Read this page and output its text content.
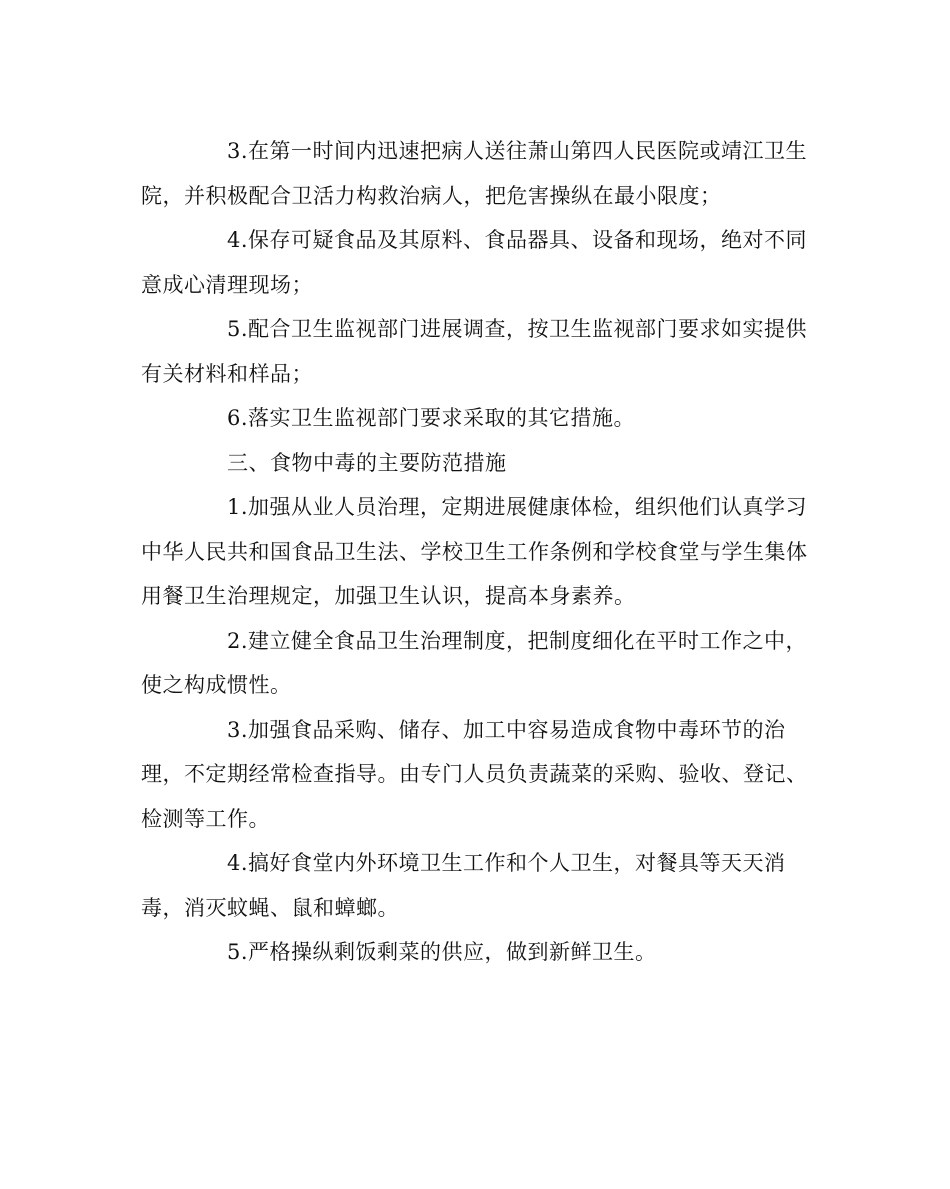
3.在第一时间内迅速把病人送往萧山第四人民医院或靖江卫生院，并积极配合卫活力构救治病人，把危害操纵在最小限度；

4.保存可疑食品及其原料、食品器具、设备和现场，绝对不同意成心清理现场；

5.配合卫生监视部门进展调查，按卫生监视部门要求如实提供有关材料和样品；

6.落实卫生监视部门要求采取的其它措施。

三、食物中毒的主要防范措施

1.加强从业人员治理，定期进展健康体检，组织他们认真学习中华人民共和国食品卫生法、学校卫生工作条例和学校食堂与学生集体用餐卫生治理规定，加强卫生认识，提高本身素养。

2.建立健全食品卫生治理制度，把制度细化在平时工作之中，使之构成惯性。

3.加强食品采购、储存、加工中容易造成食物中毒环节的治理，不定期经常检查指导。由专门人员负责蔬菜的采购、验收、登记、检测等工作。

4.搞好食堂内外环境卫生工作和个人卫生，对餐具等天天消毒，消灭蚊蝇、鼠和蟑螂。

5.严格操纵剩饭剩菜的供应，做到新鲜卫生。
